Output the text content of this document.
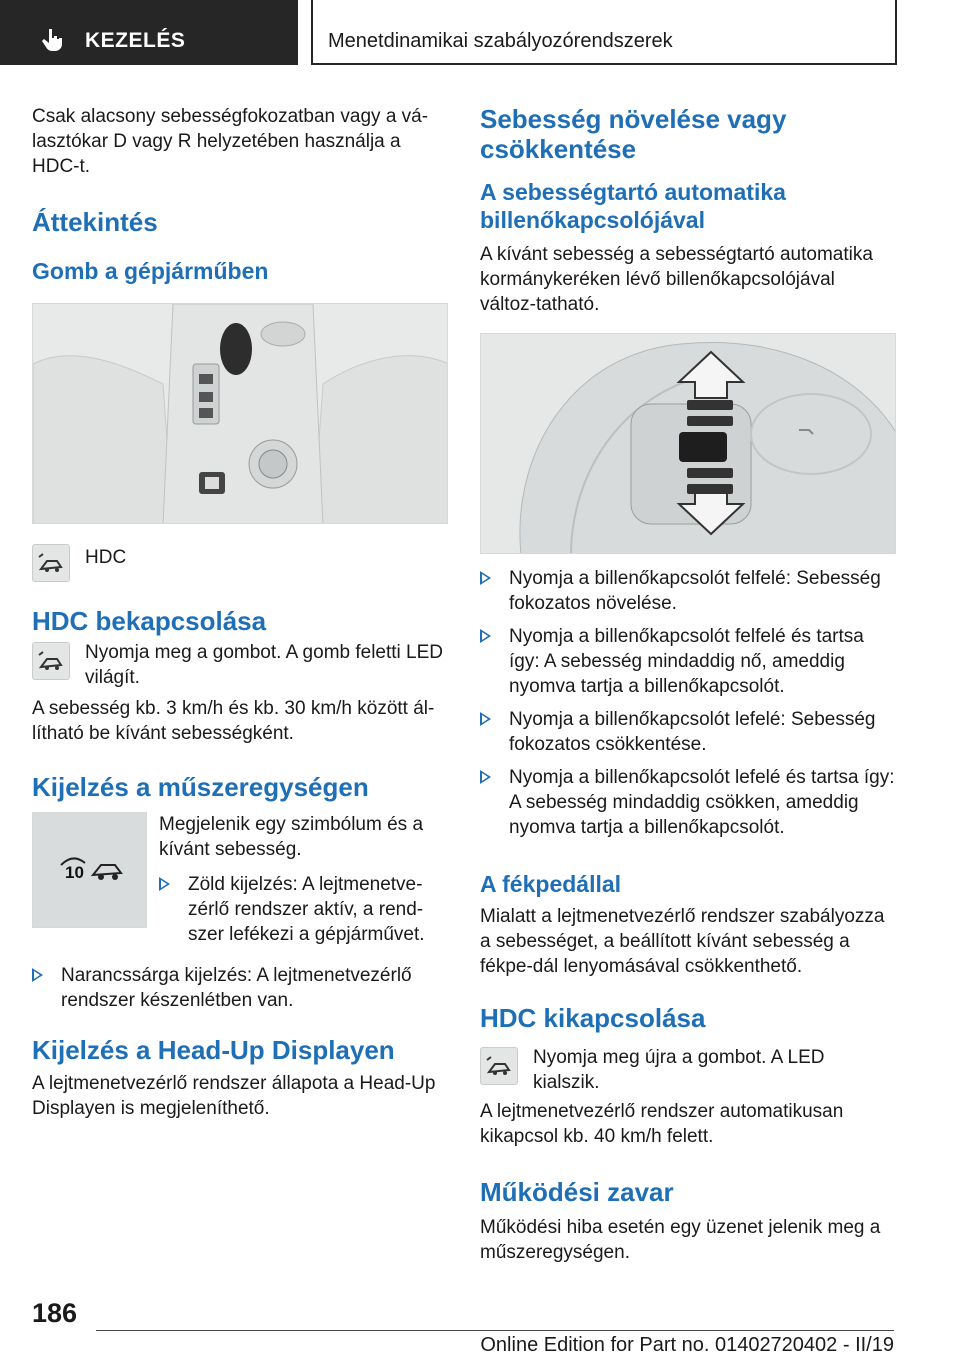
KEZELÉS	Menetdinamikai szabályozórendszerek

Csak alacsony sebességfokozatban vagy a vá-lasztókar D vagy R helyzetében használja a HDC-t.

Áttekintés
Gomb a gépjárműben

HDC

HDC bekapcsolása

Nyomja meg a gombot. A gomb feletti LED világít.

A sebesség kb. 3 km/h és kb. 30 km/h között ál-lítható be kívánt sebességként.

Kijelzés a műszeregységen
10

Megjelenik egy szimbólum és a kívánt sebesség.

Zöld kijelzés: A lejtmenetve-zérlő rendszer aktív, a rend-szer lefékezi a gépjárművet.
Narancssárga kijelzés: A lejtmenetvezérlő rendszer készenlétben van.
Kijelzés a Head-Up Displayen

A lejtmenetvezérlő rendszer állapota a Head-Up Displayen is megjeleníthető.

Sebesség növelése vagy csökkentése
A sebességtartó automatika billenőkapcsolójával

A kívánt sebesség a sebességtartó automatika kormánykeréken lévő billenőkapcsolójával változ-tatható.

Nyomja a billenőkapcsolót felfelé: Sebesség fokozatos növelése.
Nyomja a billenőkapcsolót felfelé és tartsa így: A sebesség mindaddig nő, ameddig nyomva tartja a billenőkapcsolót.
Nyomja a billenőkapcsolót lefelé: Sebesség fokozatos csökkentése.
Nyomja a billenőkapcsolót lefelé és tartsa így: A sebesség mindaddig csökken, ameddig nyomva tartja a billenőkapcsolót.
A fékpedállal

Mialatt a lejtmenetvezérlő rendszer szabályozza a sebességet, a beállított kívánt sebesség a fékpe-dál lenyomásával csökkenthető.

HDC kikapcsolása

Nyomja meg újra a gombot. A LED kialszik.

A lejtmenetvezérlő rendszer automatikusan kikapcsol kb. 40 km/h felett.

Működési zavar

Működési hiba esetén egy üzenet jelenik meg a műszeregységen.

186
Online Edition for Part no. 01402720402 - II/19
